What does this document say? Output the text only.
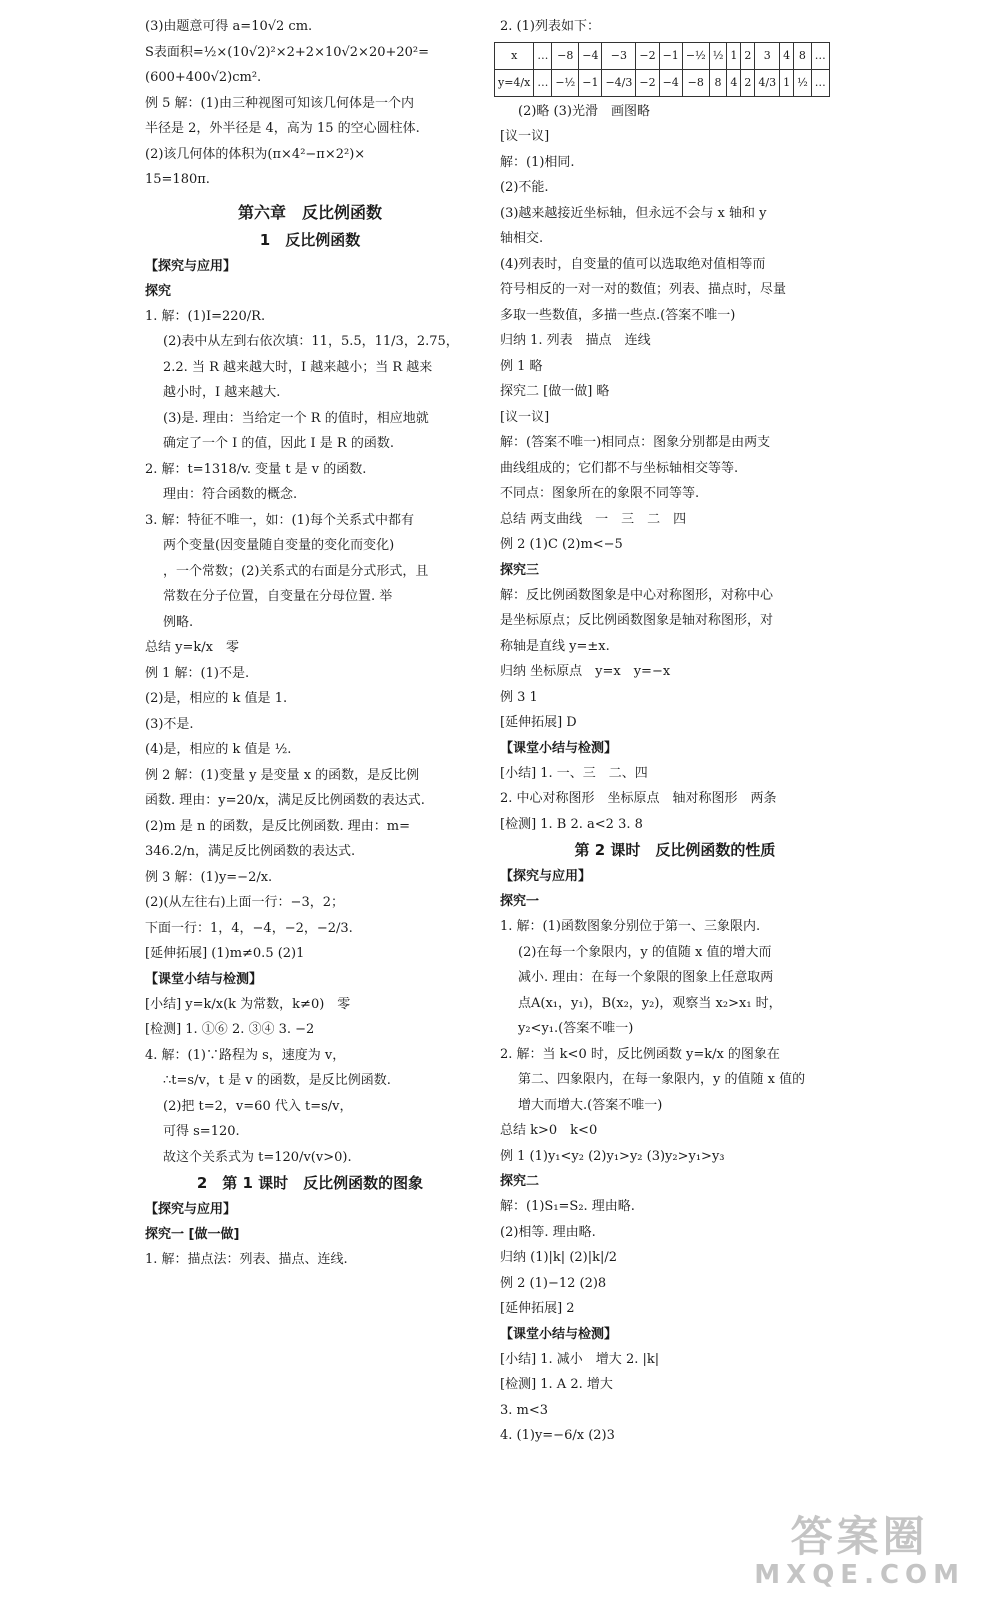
(3)由题意可得 a=10√2 cm.
S表面积=½×(10√2)²×2+2×10√2×20+20²=
(600+400√2)cm².
例 5 解：(1)由三种视图可知该几何体是一个内
半径是 2，外半径是 4，高为 15 的空心圆柱体.
(2)该几何体的体积为(π×4²−π×2²)×
15=180π.
第六章　反比例函数
1　反比例函数
【探究与应用】
探究
1. 解：(1)I=220/R.
(2)表中从左到右依次填：11，5.5，11/3，2.75，
2.2. 当 R 越来越大时，I 越来越小；当 R 越来
越小时，I 越来越大.
(3)是. 理由：当给定一个 R 的值时，相应地就
确定了一个 I 的值，因此 I 是 R 的函数.
2. 解：t=1318/v. 变量 t 是 v 的函数.
理由：符合函数的概念.
3. 解：特征不唯一，如：(1)每个关系式中都有
两个变量(因变量随自变量的变化而变化)
，一个常数；(2)关系式的右面是分式形式，且
常数在分子位置，自变量在分母位置. 举
例略.
总结 y=k/x　零
例 1 解：(1)不是.
(2)是，相应的 k 值是 1.
(3)不是.
(4)是，相应的 k 值是 ½.
例 2 解：(1)变量 y 是变量 x 的函数，是反比例
函数. 理由：y=20/x，满足反比例函数的表达式.
(2)m 是 n 的函数，是反比例函数. 理由：m=
346.2/n，满足反比例函数的表达式.
例 3 解：(1)y=−2/x.
(2)(从左往右)上面一行：−3，2；
下面一行：1，4，−4，−2，−2/3.
[延伸拓展] (1)m≠0.5 (2)1
【课堂小结与检测】
[小结] y=k/x(k 为常数，k≠0)　零
[检测] 1. ①⑥ 2. ③④ 3. −2
4. 解：(1)∵路程为 s，速度为 v，
∴t=s/v，t 是 v 的函数，是反比例函数.
(2)把 t=2，v=60 代入 t=s/v，
可得 s=120.
故这个关系式为 t=120/v(v>0).
2　第 1 课时　反比例函数的图象
【探究与应用】
探究一 [做一做]
1. 解：描点法：列表、描点、连线.
2. (1)列表如下：
x	…	−8	−4	−3	−2	−1	−½	½	1	2	3	4	8	…
y=4/x	…	−½	−1	−4/3	−2	−4	−8	8	4	2	4/3	1	½	…
(2)略 (3)光滑　画图略
[议一议]
解：(1)相同.
(2)不能.
(3)越来越接近坐标轴，但永远不会与 x 轴和 y
轴相交.
(4)列表时，自变量的值可以选取绝对值相等而
符号相反的一对一对的数值；列表、描点时，尽量
多取一些数值，多描一些点.(答案不唯一)
归纳 1. 列表　描点　连线
例 1 略
探究二 [做一做] 略
[议一议]
解：(答案不唯一)相同点：图象分别都是由两支
曲线组成的；它们都不与坐标轴相交等等.
不同点：图象所在的象限不同等等.
总结 两支曲线　一　三　二　四
例 2 (1)C (2)m<−5
探究三
解：反比例函数图象是中心对称图形，对称中心
是坐标原点；反比例函数图象是轴对称图形，对
称轴是直线 y=±x.
归纳 坐标原点　y=x　y=−x
例 3 1
[延伸拓展] D
【课堂小结与检测】
[小结] 1. 一、三　二、四
2. 中心对称图形　坐标原点　轴对称图形　两条
[检测] 1. B 2. a<2 3. 8
第 2 课时　反比例函数的性质
【探究与应用】
探究一
1. 解：(1)函数图象分别位于第一、三象限内.
(2)在每一个象限内，y 的值随 x 值的增大而
减小. 理由：在每一个象限的图象上任意取两
点A(x₁，y₁)，B(x₂，y₂)，观察当 x₂>x₁ 时，
y₂<y₁.(答案不唯一)
2. 解：当 k<0 时，反比例函数 y=k/x 的图象在
第二、四象限内，在每一象限内，y 的值随 x 值的
增大而增大.(答案不唯一)
总结 k>0　k<0
例 1 (1)y₁<y₂ (2)y₁>y₂ (3)y₂>y₁>y₃
探究二
解：(1)S₁=S₂. 理由略.
(2)相等. 理由略.
归纳 (1)|k| (2)|k|/2
例 2 (1)−12 (2)8
[延伸拓展] 2
【课堂小结与检测】
[小结] 1. 减小　增大 2. |k|
[检测] 1. A 2. 增大
3. m<3
4. (1)y=−6/x (2)3
答案圈
MXQE.COM
